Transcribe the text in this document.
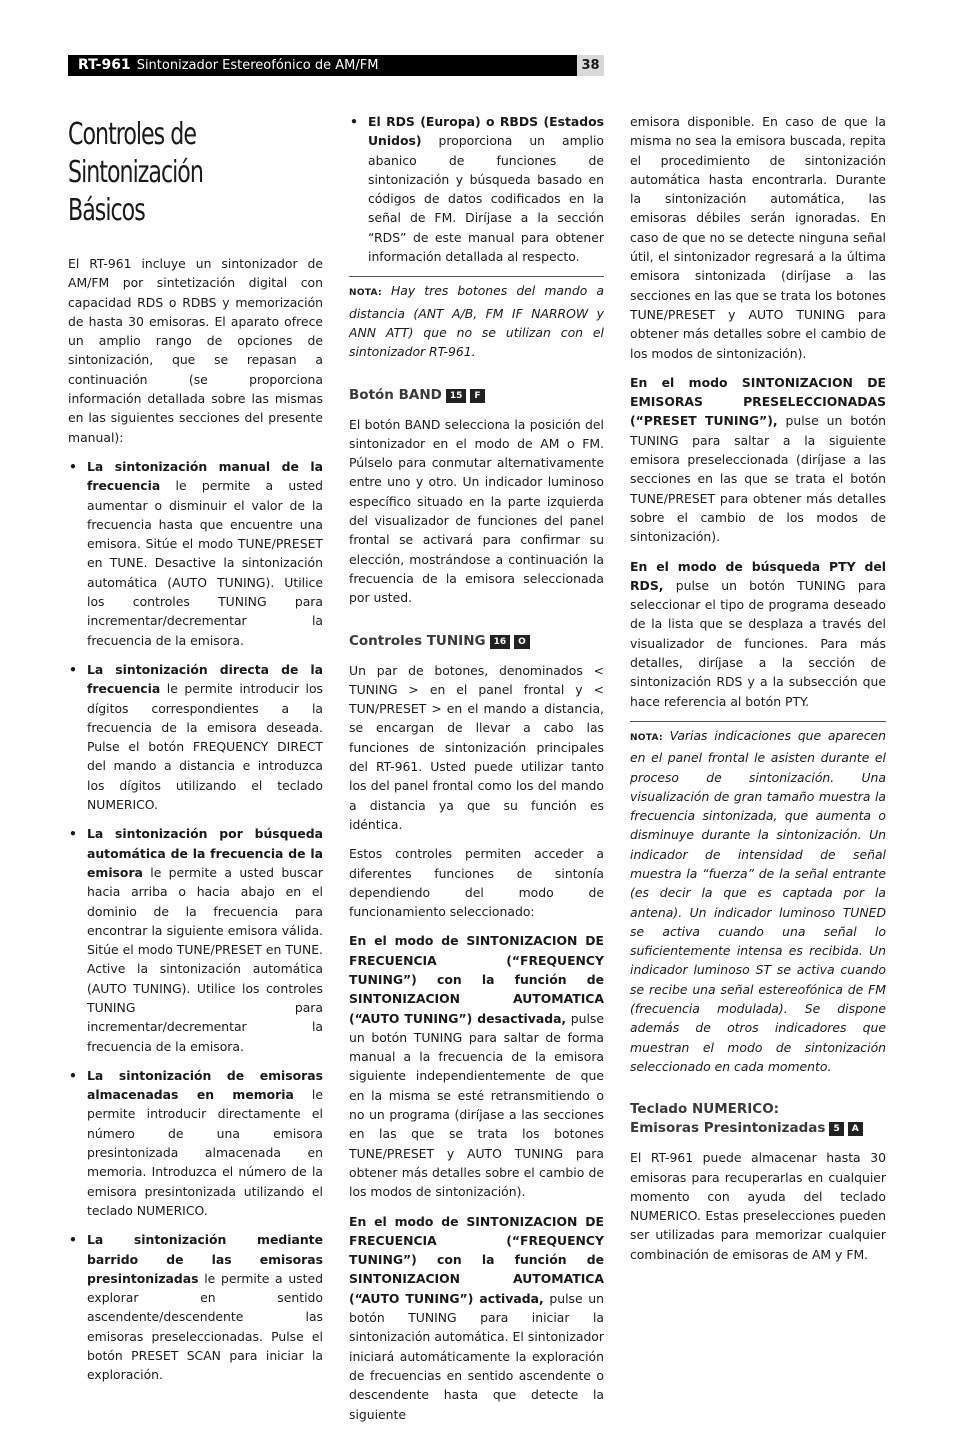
RT-961 Sintonizador Estereofónico de AM/FM	38
Controles de Sintonización
Básicos

El RT-961 incluye un sintonizador de AM/FM por sintetización digital con capacidad RDS o RDBS y memorización de hasta 30 emisoras. El aparato ofrece un amplio rango de opciones de sintonización, que se repasan a continuación (se proporciona información detallada sobre las mismas en las siguientes secciones del presente manual):

• La sintonización manual de la frecuencia le permite a usted aumentar o disminuir el valor de la frecuencia hasta que encuentre una emisora. Sitúe el modo TUNE/PRESET en TUNE. Desactive la sintonización automática (AUTO TUNING). Utilice los controles TUNING para incrementar/decrementar la frecuencia de la emisora.
• La sintonización directa de la frecuencia le permite introducir los dígitos correspondientes a la frecuencia de la emisora deseada. Pulse el botón FREQUENCY DIRECT del mando a distancia e introduzca los dígitos utilizando el teclado NUMERICO.
• La sintonización por búsqueda automática de la frecuencia de la emisora le permite a usted buscar hacia arriba o hacia abajo en el dominio de la frecuencia para encontrar la siguiente emisora válida. Sitúe el modo TUNE/PRESET en TUNE. Active la sintonización automática (AUTO TUNING). Utilice los controles TUNING para incrementar/decrementar la frecuencia de la emisora.
• La sintonización de emisoras almacenadas en memoria le permite introducir directamente el número de una emisora presintonizada almacenada en memoria. Introduzca el número de la emisora presintonizada utilizando el teclado NUMERICO.
• La sintonización mediante barrido de las emisoras presintonizadas le permite a usted explorar en sentido ascendente/descendente las emisoras preseleccionadas. Pulse el botón PRESET SCAN para iniciar la exploración.
• El RDS (Europa) o RBDS (Estados Unidos) proporciona un amplio abanico de funciones de sintonización y búsqueda basado en códigos de datos codificados en la señal de FM. Diríjase a la sección “RDS” de este manual para obtener información detallada al respecto.

NOTA: Hay tres botones del mando a distancia (ANT A/B, FM IF NARROW y ANN ATT) que no se utilizan con el sintonizador RT-961.

Botón BAND 15 F

El botón BAND selecciona la posición del sintonizador en el modo de AM o FM. Púlselo para conmutar alternativamente entre uno y otro. Un indicador luminoso específico situado en la parte izquierda del visualizador de funciones del panel frontal se activará para confirmar su elección, mostrándose a continuación la frecuencia de la emisora seleccionada por usted.

Controles TUNING 16 O

Un par de botones, denominados < TUNING > en el panel frontal y < TUN/PRESET > en el mando a distancia, se encargan de llevar a cabo las funciones de sintonización principales del RT-961. Usted puede utilizar tanto los del panel frontal como los del mando a distancia ya que su función es idéntica.

Estos controles permiten acceder a diferentes funciones de sintonía dependiendo del modo de funcionamiento seleccionado:

En el modo de SINTONIZACION DE FRECUENCIA (“FREQUENCY TUNING”) con la función de SINTONIZACION AUTOMATICA (“AUTO TUNING”) desactivada, pulse un botón TUNING para saltar de forma manual a la frecuencia de la emisora siguiente independientemente de que en la misma se esté retransmitiendo o no un programa (diríjase a las secciones en las que se trata los botones TUNE/PRESET y AUTO TUNING para obtener más detalles sobre el cambio de los modos de sintonización).

En el modo de SINTONIZACION DE FRECUENCIA (“FREQUENCY TUNING”) con la función de SINTONIZACION AUTOMATICA (“AUTO TUNING”) activada, pulse un botón TUNING para iniciar la sintonización automática. El sintonizador iniciará automáticamente la exploración de frecuencias en sentido ascendente o descendente hasta que detecte la siguiente

emisora disponible. En caso de que la misma no sea la emisora buscada, repita el procedimiento de sintonización automática hasta encontrarla. Durante la sintonización automática, las emisoras débiles serán ignoradas. En caso de que no se detecte ninguna señal útil, el sintonizador regresará a la última emisora sintonizada (diríjase a las secciones en las que se trata los botones TUNE/PRESET y AUTO TUNING para obtener más detalles sobre el cambio de los modos de sintonización).

En el modo SINTONIZACION DE EMISORAS PRESELECCIONADAS (“PRESET TUNING”), pulse un botón TUNING para saltar a la siguiente emisora preseleccionada (diríjase a las secciones en las que se trata el botón TUNE/PRESET para obtener más detalles sobre el cambio de los modos de sintonización).

En el modo de búsqueda PTY del RDS, pulse un botón TUNING para seleccionar el tipo de programa deseado de la lista que se desplaza a través del visualizador de funciones. Para más detalles, diríjase a la sección de sintonización RDS y a la subsección que hace referencia al botón PTY.

NOTA: Varias indicaciones que aparecen en el panel frontal le asisten durante el proceso de sintonización. Una visualización de gran tamaño muestra la frecuencia sintonizada, que aumenta o disminuye durante la sintonización. Un indicador de intensidad de señal muestra la “fuerza” de la señal entrante (es decir la que es captada por la antena). Un indicador luminoso TUNED se activa cuando una señal lo suficientemente intensa es recibida. Un indicador luminoso ST se activa cuando se recibe una señal estereofónica de FM (frecuencia modulada). Se dispone además de otros indicadores que muestran el modo de sintonización seleccionado en cada momento.

Teclado NUMERICO:
Emisoras Presintonizadas 5 A

El RT-961 puede almacenar hasta 30 emisoras para recuperarlas en cualquier momento con ayuda del teclado NUMERICO. Estas preselecciones pueden ser utilizadas para memorizar cualquier combinación de emisoras de AM y FM.
